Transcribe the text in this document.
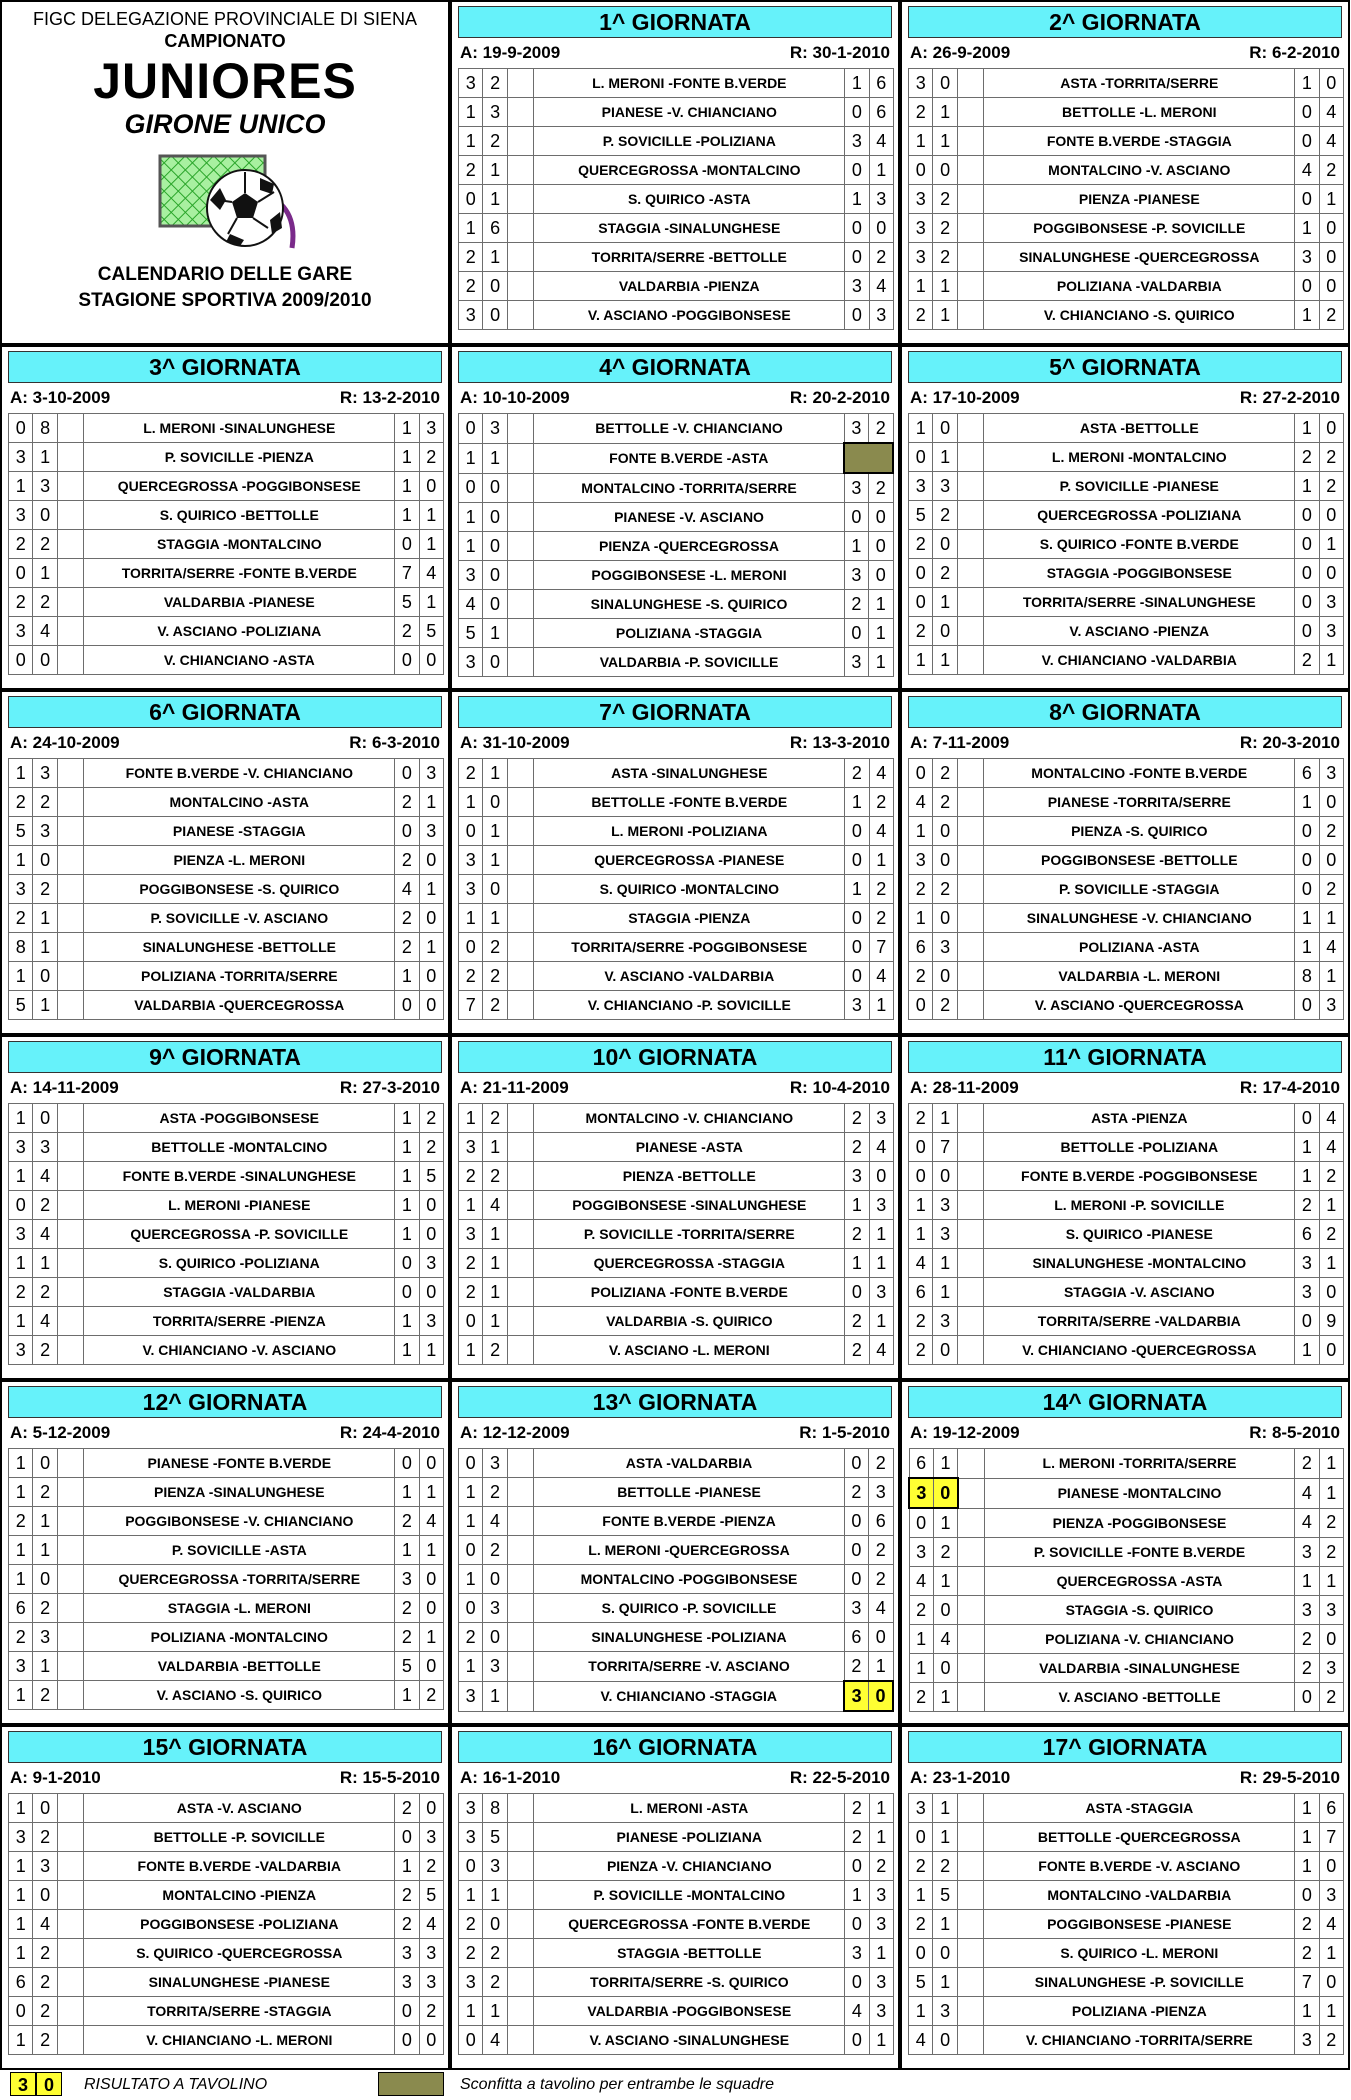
FIGC DELEGAZIONE PROVINCIALE DI SIENA
CAMPIONATO
JUNIORES
GIRONE UNICO
CALENDARIO DELLE GARE
STAGIONE SPORTIVA 2009/2010
1^ GIORNATA
A: 19-9-2009	R: 30-1-2010
3	2		L. MERONI -FONTE B.VERDE	1	6
1	3		PIANESE -V. CHIANCIANO	0	6
1	2		P. SOVICILLE -POLIZIANA	3	4
2	1		QUERCEGROSSA -MONTALCINO	0	1
0	1		S. QUIRICO -ASTA	1	3
1	6		STAGGIA -SINALUNGHESE	0	0
2	1		TORRITA/SERRE -BETTOLLE	0	2
2	0		VALDARBIA -PIENZA	3	4
3	0		V. ASCIANO -POGGIBONSESE	0	3
2^ GIORNATA
A: 26-9-2009	R: 6-2-2010
3	0		ASTA -TORRITA/SERRE	1	0
2	1		BETTOLLE -L. MERONI	0	4
1	1		FONTE B.VERDE -STAGGIA	0	4
0	0		MONTALCINO -V. ASCIANO	4	2
3	2		PIENZA -PIANESE	0	1
3	2		POGGIBONSESE -P. SOVICILLE	1	0
3	2		SINALUNGHESE -QUERCEGROSSA	3	0
1	1		POLIZIANA -VALDARBIA	0	0
2	1		V. CHIANCIANO -S. QUIRICO	1	2
3^ GIORNATA
A: 3-10-2009	R: 13-2-2010
0	8		L. MERONI -SINALUNGHESE	1	3
3	1		P. SOVICILLE -PIENZA	1	2
1	3		QUERCEGROSSA -POGGIBONSESE	1	0
3	0		S. QUIRICO -BETTOLLE	1	1
2	2		STAGGIA -MONTALCINO	0	1
0	1		TORRITA/SERRE -FONTE B.VERDE	7	4
2	2		VALDARBIA -PIANESE	5	1
3	4		V. ASCIANO -POLIZIANA	2	5
0	0		V. CHIANCIANO -ASTA	0	0
4^ GIORNATA
A: 10-10-2009	R: 20-2-2010
0	3		BETTOLLE -V. CHIANCIANO	3	2
1	1		FONTE B.VERDE -ASTA		
0	0		MONTALCINO -TORRITA/SERRE	3	2
1	0		PIANESE -V. ASCIANO	0	0
1	0		PIENZA -QUERCEGROSSA	1	0
3	0		POGGIBONSESE -L. MERONI	3	0
4	0		SINALUNGHESE -S. QUIRICO	2	1
5	1		POLIZIANA -STAGGIA	0	1
3	0		VALDARBIA -P. SOVICILLE	3	1
5^ GIORNATA
A: 17-10-2009	R: 27-2-2010
1	0		ASTA -BETTOLLE	1	0
0	1		L. MERONI -MONTALCINO	2	2
3	3		P. SOVICILLE -PIANESE	1	2
5	2		QUERCEGROSSA -POLIZIANA	0	0
2	0		S. QUIRICO -FONTE B.VERDE	0	1
0	2		STAGGIA -POGGIBONSESE	0	0
0	1		TORRITA/SERRE -SINALUNGHESE	0	3
2	0		V. ASCIANO -PIENZA	0	3
1	1		V. CHIANCIANO -VALDARBIA	2	1
6^ GIORNATA
A: 24-10-2009	R: 6-3-2010
1	3		FONTE B.VERDE -V. CHIANCIANO	0	3
2	2		MONTALCINO -ASTA	2	1
5	3		PIANESE -STAGGIA	0	3
1	0		PIENZA -L. MERONI	2	0
3	2		POGGIBONSESE -S. QUIRICO	4	1
2	1		P. SOVICILLE -V. ASCIANO	2	0
8	1		SINALUNGHESE -BETTOLLE	2	1
1	0		POLIZIANA -TORRITA/SERRE	1	0
5	1		VALDARBIA -QUERCEGROSSA	0	0
7^ GIORNATA
A: 31-10-2009	R: 13-3-2010
2	1		ASTA -SINALUNGHESE	2	4
1	0		BETTOLLE -FONTE B.VERDE	1	2
0	1		L. MERONI -POLIZIANA	0	4
3	1		QUERCEGROSSA -PIANESE	0	1
3	0		S. QUIRICO -MONTALCINO	1	2
1	1		STAGGIA -PIENZA	0	2
0	2		TORRITA/SERRE -POGGIBONSESE	0	7
2	2		V. ASCIANO -VALDARBIA	0	4
7	2		V. CHIANCIANO -P. SOVICILLE	3	1
8^ GIORNATA
A: 7-11-2009	R: 20-3-2010
0	2		MONTALCINO -FONTE B.VERDE	6	3
4	2		PIANESE -TORRITA/SERRE	1	0
1	0		PIENZA -S. QUIRICO	0	2
3	0		POGGIBONSESE -BETTOLLE	0	0
2	2		P. SOVICILLE -STAGGIA	0	2
1	0		SINALUNGHESE -V. CHIANCIANO	1	1
6	3		POLIZIANA -ASTA	1	4
2	0		VALDARBIA -L. MERONI	8	1
0	2		V. ASCIANO -QUERCEGROSSA	0	3
9^ GIORNATA
A: 14-11-2009	R: 27-3-2010
1	0		ASTA -POGGIBONSESE	1	2
3	3		BETTOLLE -MONTALCINO	1	2
1	4		FONTE B.VERDE -SINALUNGHESE	1	5
0	2		L. MERONI -PIANESE	1	0
3	4		QUERCEGROSSA -P. SOVICILLE	1	0
1	1		S. QUIRICO -POLIZIANA	0	3
2	2		STAGGIA -VALDARBIA	0	0
1	4		TORRITA/SERRE -PIENZA	1	3
3	2		V. CHIANCIANO -V. ASCIANO	1	1
10^ GIORNATA
A: 21-11-2009	R: 10-4-2010
1	2		MONTALCINO -V. CHIANCIANO	2	3
3	1		PIANESE -ASTA	2	4
2	2		PIENZA -BETTOLLE	3	0
1	4		POGGIBONSESE -SINALUNGHESE	1	3
3	1		P. SOVICILLE -TORRITA/SERRE	2	1
2	1		QUERCEGROSSA -STAGGIA	1	1
2	1		POLIZIANA -FONTE B.VERDE	0	3
0	1		VALDARBIA -S. QUIRICO	2	1
1	2		V. ASCIANO -L. MERONI	2	4
11^ GIORNATA
A: 28-11-2009	R: 17-4-2010
2	1		ASTA -PIENZA	0	4
0	7		BETTOLLE -POLIZIANA	1	4
0	0		FONTE B.VERDE -POGGIBONSESE	1	2
1	3		L. MERONI -P. SOVICILLE	2	1
1	3		S. QUIRICO -PIANESE	6	2
4	1		SINALUNGHESE -MONTALCINO	3	1
6	1		STAGGIA -V. ASCIANO	3	0
2	3		TORRITA/SERRE -VALDARBIA	0	9
2	0		V. CHIANCIANO -QUERCEGROSSA	1	0
12^ GIORNATA
A: 5-12-2009	R: 24-4-2010
1	0		PIANESE -FONTE B.VERDE	0	0
1	2		PIENZA -SINALUNGHESE	1	1
2	1		POGGIBONSESE -V. CHIANCIANO	2	4
1	1		P. SOVICILLE -ASTA	1	1
1	0		QUERCEGROSSA -TORRITA/SERRE	3	0
6	2		STAGGIA -L. MERONI	2	0
2	3		POLIZIANA -MONTALCINO	2	1
3	1		VALDARBIA -BETTOLLE	5	0
1	2		V. ASCIANO -S. QUIRICO	1	2
13^ GIORNATA
A: 12-12-2009	R: 1-5-2010
0	3		ASTA -VALDARBIA	0	2
1	2		BETTOLLE -PIANESE	2	3
1	4		FONTE B.VERDE -PIENZA	0	6
0	2		L. MERONI -QUERCEGROSSA	0	2
1	0		MONTALCINO -POGGIBONSESE	0	2
0	3		S. QUIRICO -P. SOVICILLE	3	4
2	0		SINALUNGHESE -POLIZIANA	6	0
1	3		TORRITA/SERRE -V. ASCIANO	2	1
3	1		V. CHIANCIANO -STAGGIA	3	0
14^ GIORNATA
A: 19-12-2009	R: 8-5-2010
6	1		L. MERONI -TORRITA/SERRE	2	1
3	0		PIANESE -MONTALCINO	4	1
0	1		PIENZA -POGGIBONSESE	4	2
3	2		P. SOVICILLE -FONTE B.VERDE	3	2
4	1		QUERCEGROSSA -ASTA	1	1
2	0		STAGGIA -S. QUIRICO	3	3
1	4		POLIZIANA -V. CHIANCIANO	2	0
1	0		VALDARBIA -SINALUNGHESE	2	3
2	1		V. ASCIANO -BETTOLLE	0	2
15^ GIORNATA
A: 9-1-2010	R: 15-5-2010
1	0		ASTA -V. ASCIANO	2	0
3	2		BETTOLLE -P. SOVICILLE	0	3
1	3		FONTE B.VERDE -VALDARBIA	1	2
1	0		MONTALCINO -PIENZA	2	5
1	4		POGGIBONSESE -POLIZIANA	2	4
1	2		S. QUIRICO -QUERCEGROSSA	3	3
6	2		SINALUNGHESE -PIANESE	3	3
0	2		TORRITA/SERRE -STAGGIA	0	2
1	2		V. CHIANCIANO -L. MERONI	0	0
16^ GIORNATA
A: 16-1-2010	R: 22-5-2010
3	8		L. MERONI -ASTA	2	1
3	5		PIANESE -POLIZIANA	2	1
0	3		PIENZA -V. CHIANCIANO	0	2
1	1		P. SOVICILLE -MONTALCINO	1	3
2	0		QUERCEGROSSA -FONTE B.VERDE	0	3
2	2		STAGGIA -BETTOLLE	3	1
3	2		TORRITA/SERRE -S. QUIRICO	0	3
1	1		VALDARBIA -POGGIBONSESE	4	3
0	4		V. ASCIANO -SINALUNGHESE	0	1
17^ GIORNATA
A: 23-1-2010	R: 29-5-2010
3	1		ASTA -STAGGIA	1	6
0	1		BETTOLLE -QUERCEGROSSA	1	7
2	2		FONTE B.VERDE -V. ASCIANO	1	0
1	5		MONTALCINO -VALDARBIA	0	3
2	1		POGGIBONSESE -PIANESE	2	4
0	0		S. QUIRICO -L. MERONI	2	1
5	1		SINALUNGHESE -P. SOVICILLE	7	0
1	3		POLIZIANA -PIENZA	1	1
4	0		V. CHIANCIANO -TORRITA/SERRE	3	2
3 0	RISULTATO A TAVOLINO	Sconfitta a tavolino per entrambe le squadre
